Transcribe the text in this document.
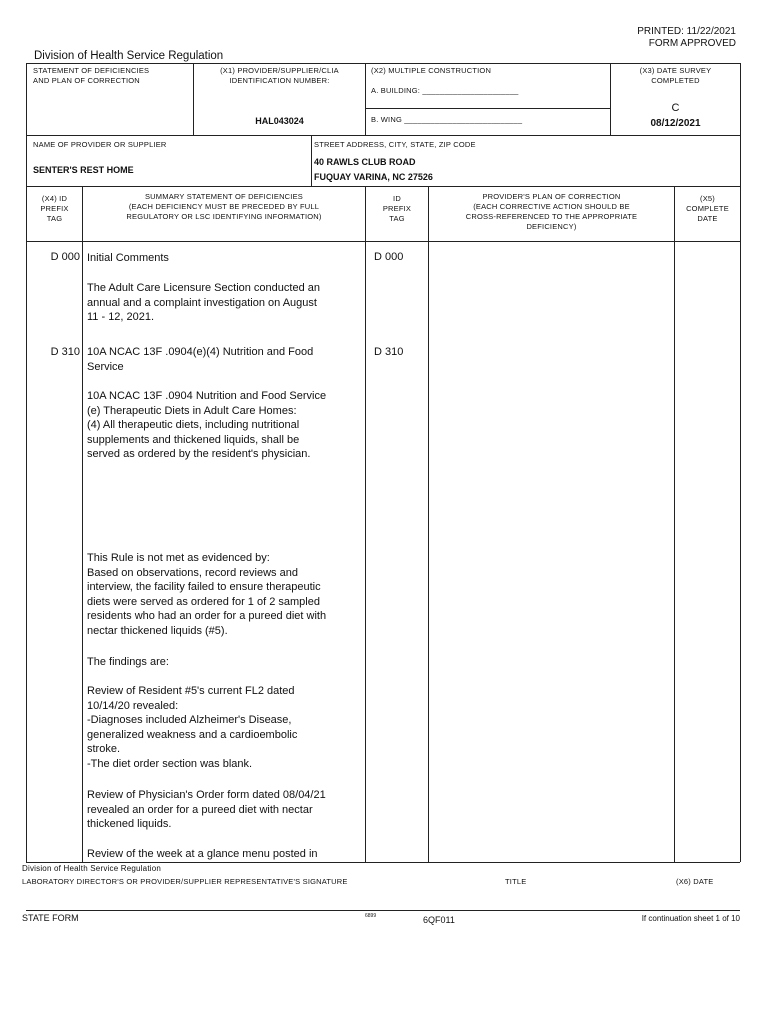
PRINTED: 11/22/2021
FORM APPROVED
Division of Health Service Regulation
STATEMENT OF DEFICIENCIES
AND PLAN OF CORRECTION
(X1) PROVIDER/SUPPLIER/CLIA
IDENTIFICATION NUMBER:
HAL043024
(X2) MULTIPLE CONSTRUCTION
A. BUILDING: ______________________
B. WING ___________________________
(X3) DATE SURVEY
COMPLETED
C
08/12/2021
NAME OF PROVIDER OR SUPPLIER
SENTER'S REST HOME
STREET ADDRESS, CITY, STATE, ZIP CODE
40 RAWLS CLUB ROAD
FUQUAY VARINA, NC 27526
(X4) ID
PREFIX
TAG
SUMMARY STATEMENT OF DEFICIENCIES
(EACH DEFICIENCY MUST BE PRECEDED BY FULL
REGULATORY OR LSC IDENTIFYING INFORMATION)
ID
PREFIX
TAG
PROVIDER'S PLAN OF CORRECTION
(EACH CORRECTIVE ACTION SHOULD BE
CROSS-REFERENCED TO THE APPROPRIATE
DEFICIENCY)
(X5)
COMPLETE
DATE
D 000 Initial Comments	D 000
The Adult Care Licensure Section conducted an
annual and a complaint investigation on August
11 - 12, 2021.
D 310 10A NCAC 13F .0904(e)(4) Nutrition and Food
Service
D 310
10A NCAC 13F .0904 Nutrition and Food Service
(e) Therapeutic Diets in Adult Care Homes:
(4) All therapeutic diets, including nutritional
supplements and thickened liquids, shall be
served as ordered by the resident's physician.
This Rule is not met as evidenced by:
Based on observations, record reviews and
interview, the facility failed to ensure therapeutic
diets were served as ordered for 1 of 2 sampled
residents who had an order for a pureed diet with
nectar thickened liquids (#5).
The findings are:
Review of Resident #5's current FL2 dated
10/14/20 revealed:
-Diagnoses included Alzheimer's Disease,
generalized weakness and a cardioembolic
stroke.
-The diet order section was blank.
Review of Physician's Order form dated 08/04/21
revealed an order for a pureed diet with nectar
thickened liquids.
Review of the week at a glance menu posted in
Division of Health Service Regulation
LABORATORY DIRECTOR'S OR PROVIDER/SUPPLIER REPRESENTATIVE'S SIGNATURE	TITLE	(X6) DATE
STATE FORM	6899	6QF011	If continuation sheet 1 of 10
